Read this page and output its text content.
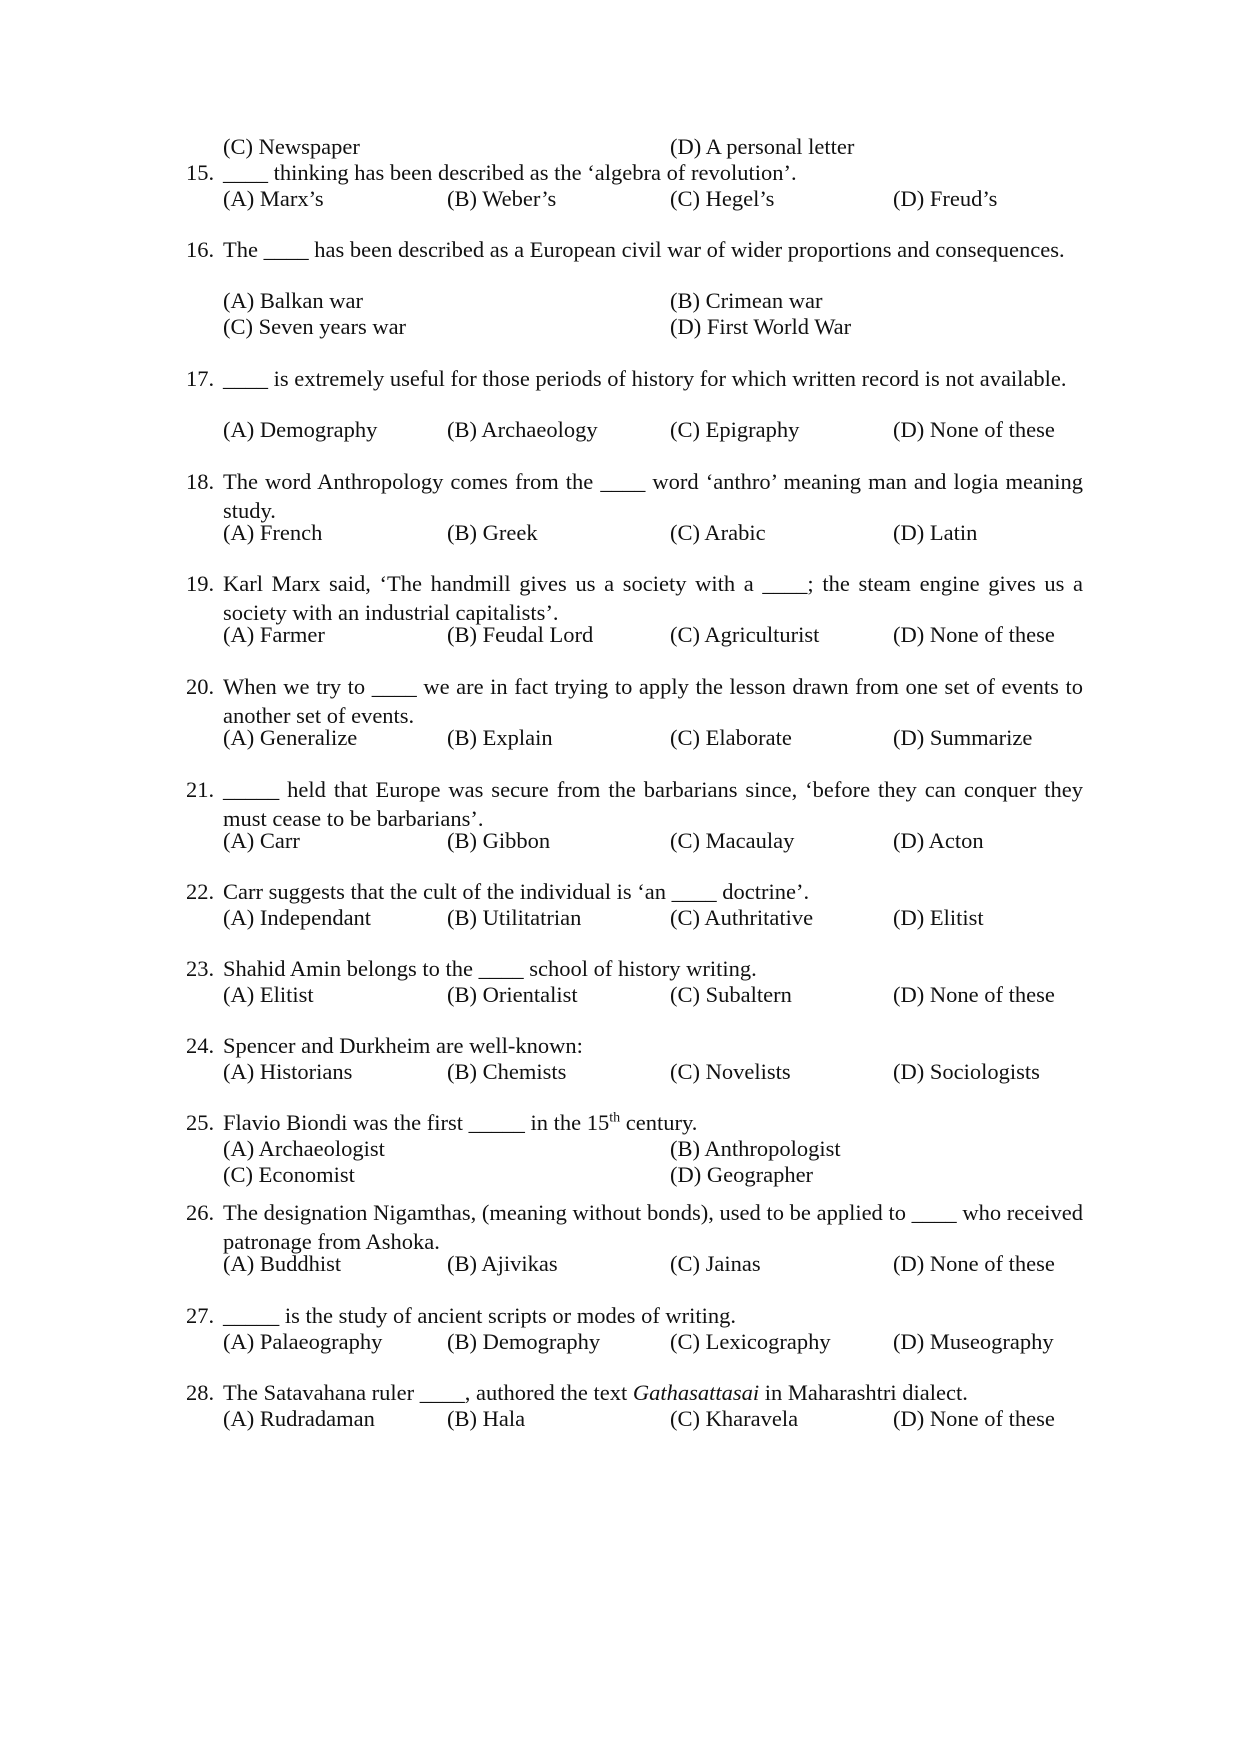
(C) Newspaper	(D) A personal letter
15. ____ thinking has been described as the ‘algebra of revolution’.
(A) Marx’s	(B) Weber’s	(C) Hegel’s	(D) Freud’s
16. The ____ has been described as a European civil war of wider proportions and consequences.
(A) Balkan war	(B) Crimean war
(C) Seven years war	(D) First World War
17. ____ is extremely useful for those periods of history for which written record is not available.
(A) Demography	(B) Archaeology	(C) Epigraphy	(D) None of these
18. The word Anthropology comes from the ____ word ‘anthro’ meaning man and logia meaning study.
(A) French	(B) Greek	(C) Arabic	(D) Latin
19. Karl Marx said, ‘The handmill gives us a society with a ____; the steam engine gives us a society with an industrial capitalists’.
(A) Farmer	(B) Feudal Lord	(C) Agriculturist	(D) None of these
20. When we try to ____ we are in fact trying to apply the lesson drawn from one set of events to another set of events.
(A) Generalize	(B) Explain	(C) Elaborate	(D) Summarize
21. _____ held that Europe was secure from the barbarians since, ‘before they can conquer they must cease to be barbarians’.
(A) Carr	(B) Gibbon	(C) Macaulay	(D) Acton
22. Carr suggests that the cult of the individual is ‘an ____ doctrine’.
(A) Independant	(B) Utilitatrian	(C) Authritative	(D) Elitist
23. Shahid Amin belongs to the ____ school of history writing.
(A) Elitist	(B) Orientalist	(C) Subaltern	(D) None of these
24. Spencer and Durkheim are well-known:
(A) Historians	(B) Chemists	(C) Novelists	(D) Sociologists
25. Flavio Biondi was the first _____ in the 15th century.
(A) Archaeologist	(B) Anthropologist
(C) Economist	(D) Geographer
26. The designation Nigamthas, (meaning without bonds), used to be applied to ____ who received patronage from Ashoka.
(A) Buddhist	(B) Ajivikas	(C) Jainas	(D) None of these
27. _____ is the study of ancient scripts or modes of writing.
(A) Palaeography	(B) Demography	(C) Lexicography	(D) Museography
28. The Satavahana ruler ____, authored the text Gathasattasai in Maharashtri dialect.
(A) Rudradaman	(B) Hala	(C) Kharavela	(D) None of these
